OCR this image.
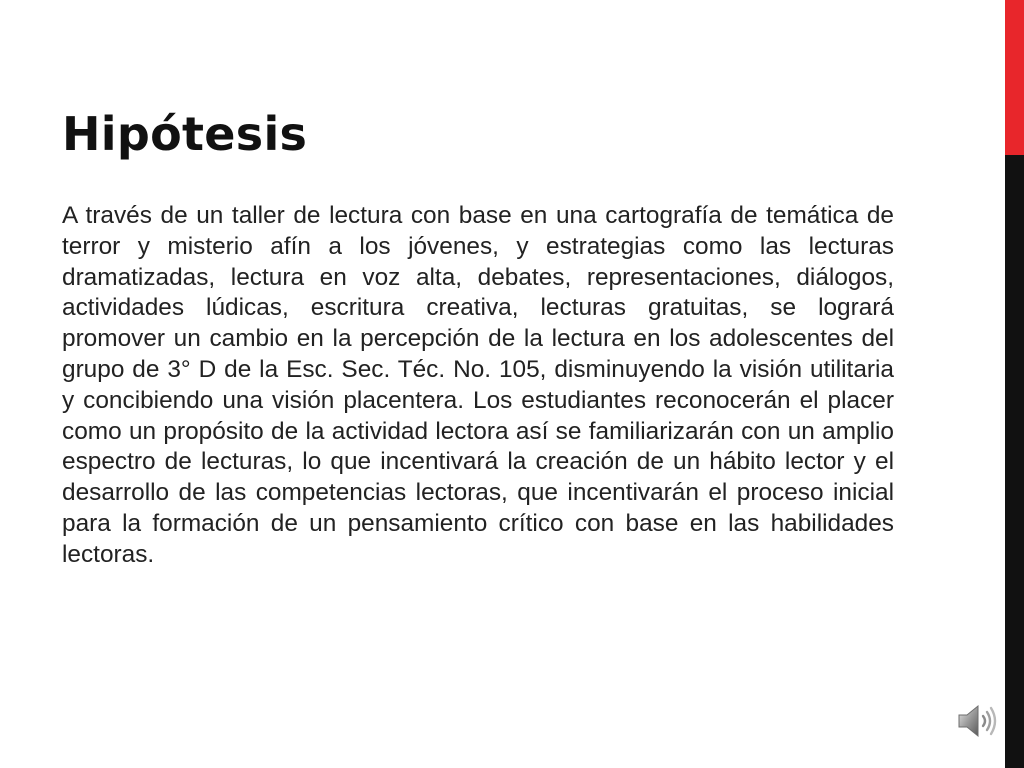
Hipótesis

A través de un taller de lectura con base en una cartografía de temática de terror y misterio afín a los jóvenes, y estrategias como las lecturas dramatizadas, lectura en voz alta, debates, representaciones, diálogos, actividades lúdicas, escritura creativa, lecturas gratuitas, se logrará promover un cambio en la percepción de la lectura en los adolescentes del grupo de 3° D de la Esc. Sec. Téc. No. 105, disminuyendo la visión utilitaria y concibiendo una visión placentera. Los estudiantes reconocerán el placer como un propósito de la actividad lectora así se familiarizarán con un amplio espectro de lecturas, lo que incentivará la creación de un hábito lector y el desarrollo de las competencias lectoras, que incentivarán el proceso inicial para la formación de un pensamiento crítico con base en las habilidades lectoras.
